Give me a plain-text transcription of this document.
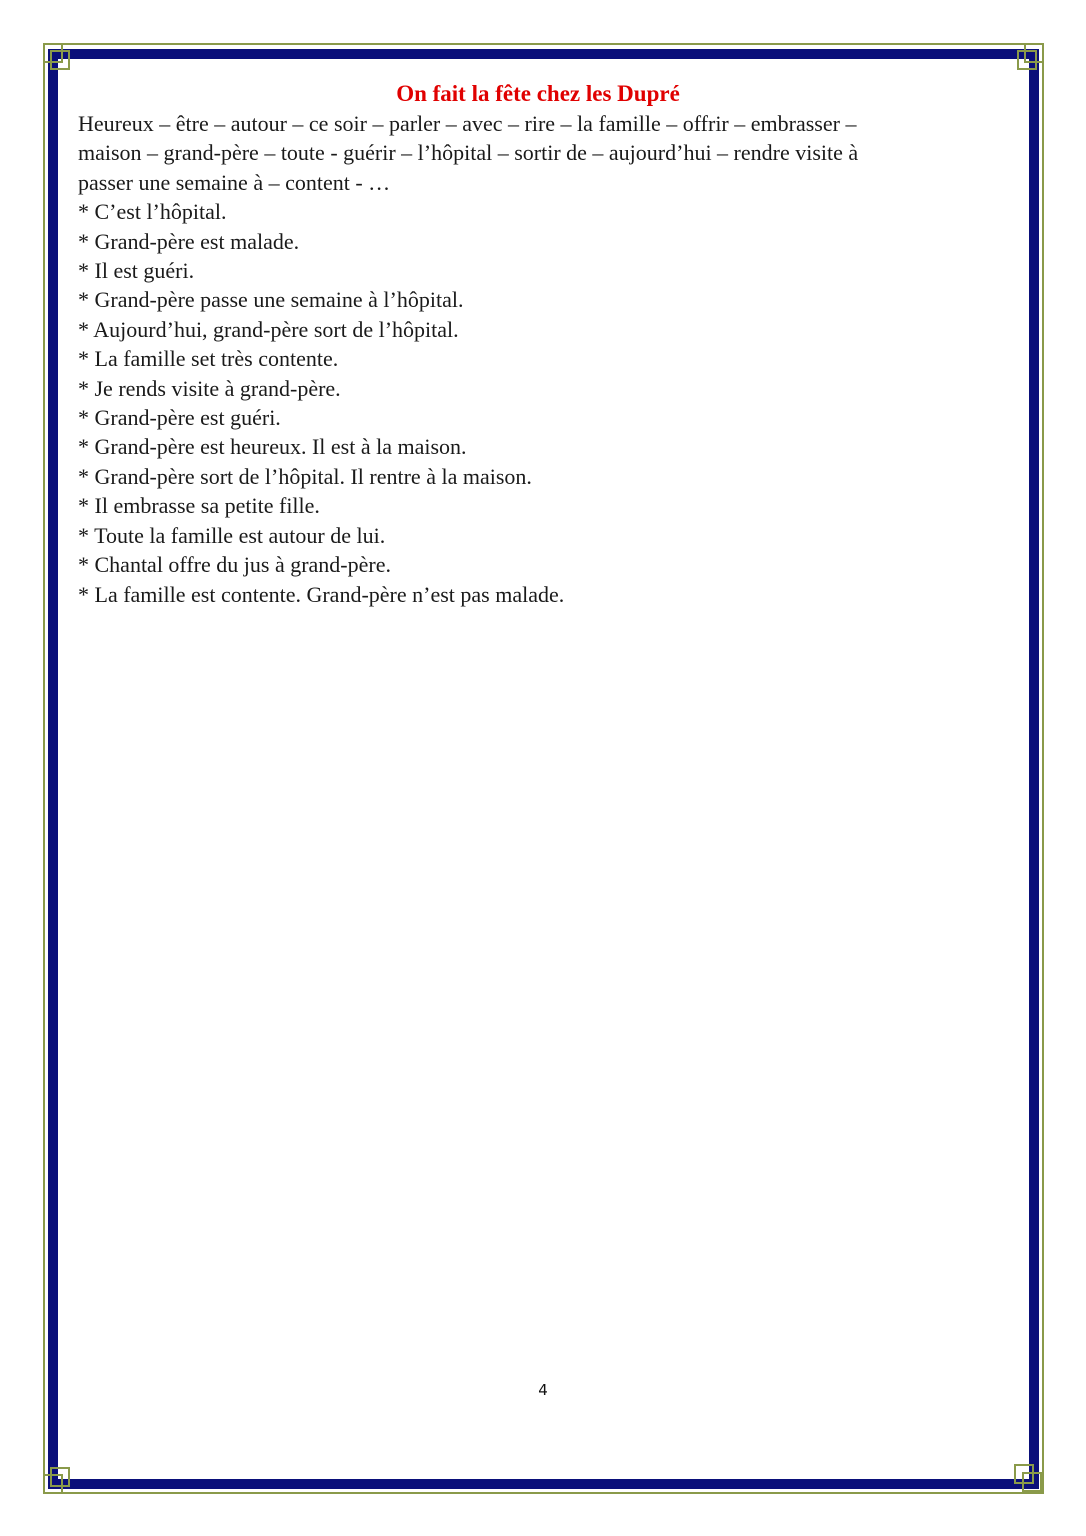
On fait la fête chez les Dupré
Heureux – être – autour – ce soir – parler – avec – rire – la famille – offrir – embrasser –
maison – grand-père – toute - guérir – l’hôpital – sortir de – aujourd’hui – rendre visite à
passer une semaine à – content - …
* C’est l’hôpital.
* Grand-père est malade.
* Il est guéri.
* Grand-père passe une semaine à l’hôpital.
* Aujourd’hui, grand-père sort de l’hôpital.
* La famille set très contente.
* Je rends visite à grand-père.
* Grand-père est guéri.
* Grand-père est heureux. Il est à la maison.
* Grand-père sort de l’hôpital. Il rentre à la maison.
* Il embrasse sa petite fille.
* Toute la famille est autour de lui.
* Chantal offre du jus à grand-père.
* La famille est contente. Grand-père n’est pas malade.
4
